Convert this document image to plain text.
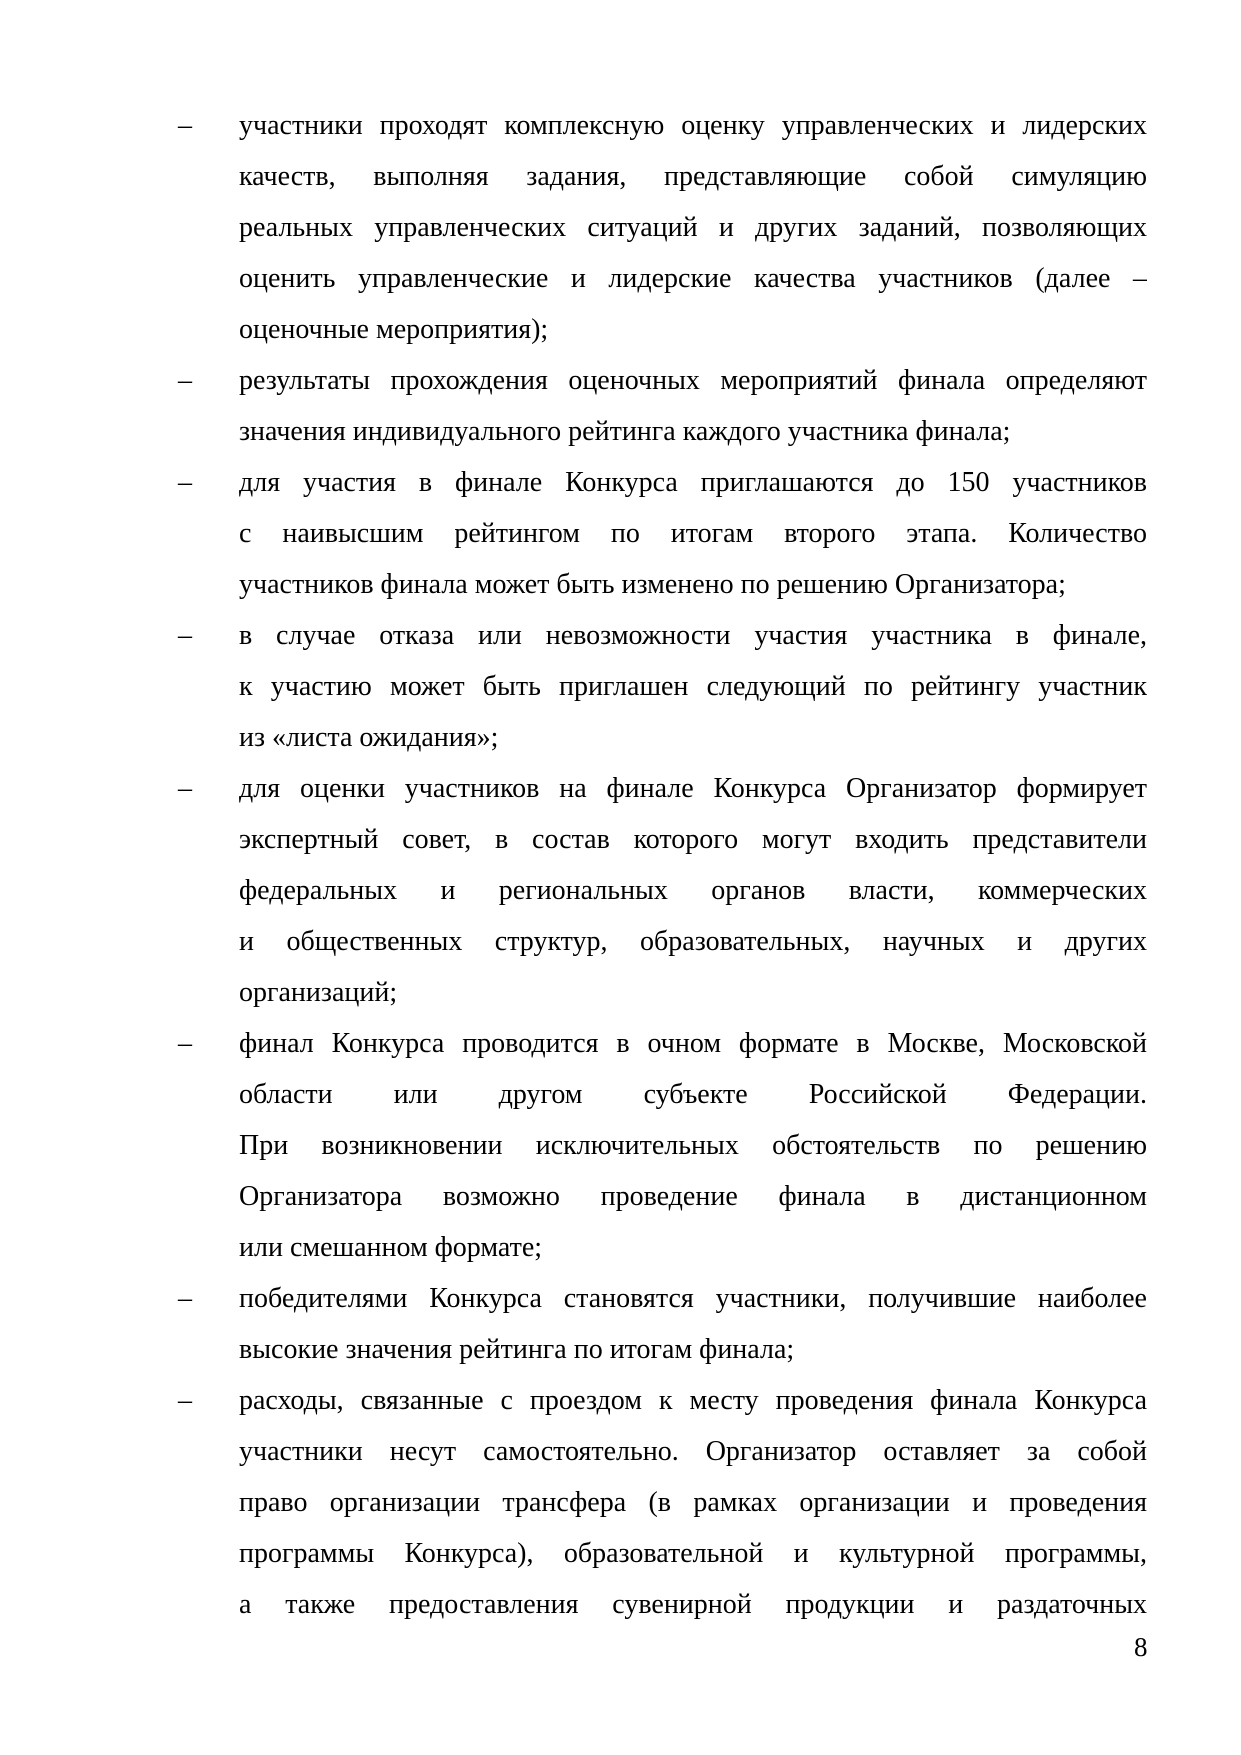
– участники проходят комплексную оценку управленческих и лидерских
качеств, выполняя задания, представляющие собой симуляцию
реальных управленческих ситуаций и других заданий, позволяющих
оценить управленческие и лидерские качества участников (далее –
оценочные мероприятия);
– результаты прохождения оценочных мероприятий финала определяют
значения индивидуального рейтинга каждого участника финала;
– для участия в финале Конкурса приглашаются до 150 участников
с наивысшим рейтингом по итогам второго этапа. Количество
участников финала может быть изменено по решению Организатора;
– в случае отказа или невозможности участия участника в финале,
к участию может быть приглашен следующий по рейтингу участник
из «листа ожидания»;
– для оценки участников на финале Конкурса Организатор формирует
экспертный совет, в состав которого могут входить представители
федеральных и региональных органов власти, коммерческих
и общественных структур, образовательных, научных и других
организаций;
– финал Конкурса проводится в очном формате в Москве, Московской
области или другом субъекте Российской Федерации.
При возникновении исключительных обстоятельств по решению
Организатора возможно проведение финала в дистанционном
или смешанном формате;
– победителями Конкурса становятся участники, получившие наиболее
высокие значения рейтинга по итогам финала;
– расходы, связанные с проездом к месту проведения финала Конкурса
участники несут самостоятельно. Организатор оставляет за собой
право организации трансфера (в рамках организации и проведения
программы Конкурса), образовательной и культурной программы,
а также предоставления сувенирной продукции и раздаточных
8
